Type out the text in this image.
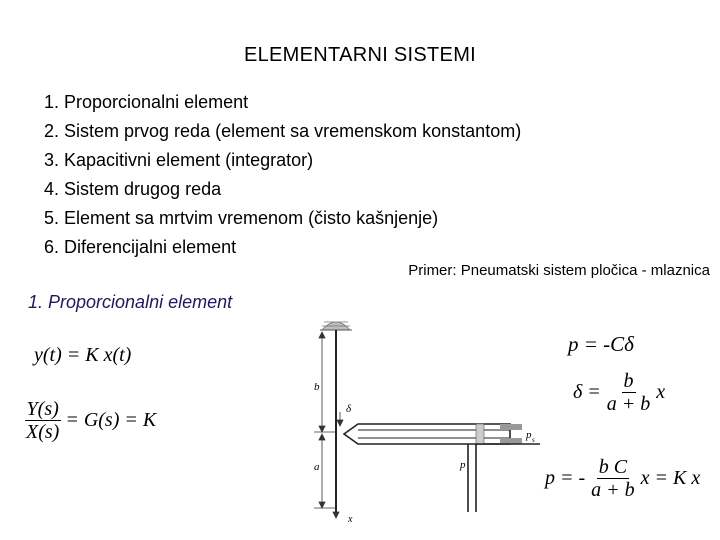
ELEMENTARNI SISTEMI
1. Proporcionalni element
2. Sistem prvog reda (element sa vremenskom konstantom)
3. Kapacitivni element (integrator)
4. Sistem drugog reda
5. Element sa mrtvim vremenom (čisto kašnjenje)
6. Diferencijalni element
Primer: Pneumatski sistem pločica - mlaznica
1. Proporcionalni element
y(t) = K x(t)
$\frac{Y(s)}{X(s)} = G(s) = K$
p = -Cδ
$\delta = \frac{b}{a + b}$ x
p = - $\frac{\text{b C}}{a + b}$ x = K x
b
a
δ
x
p
p s
